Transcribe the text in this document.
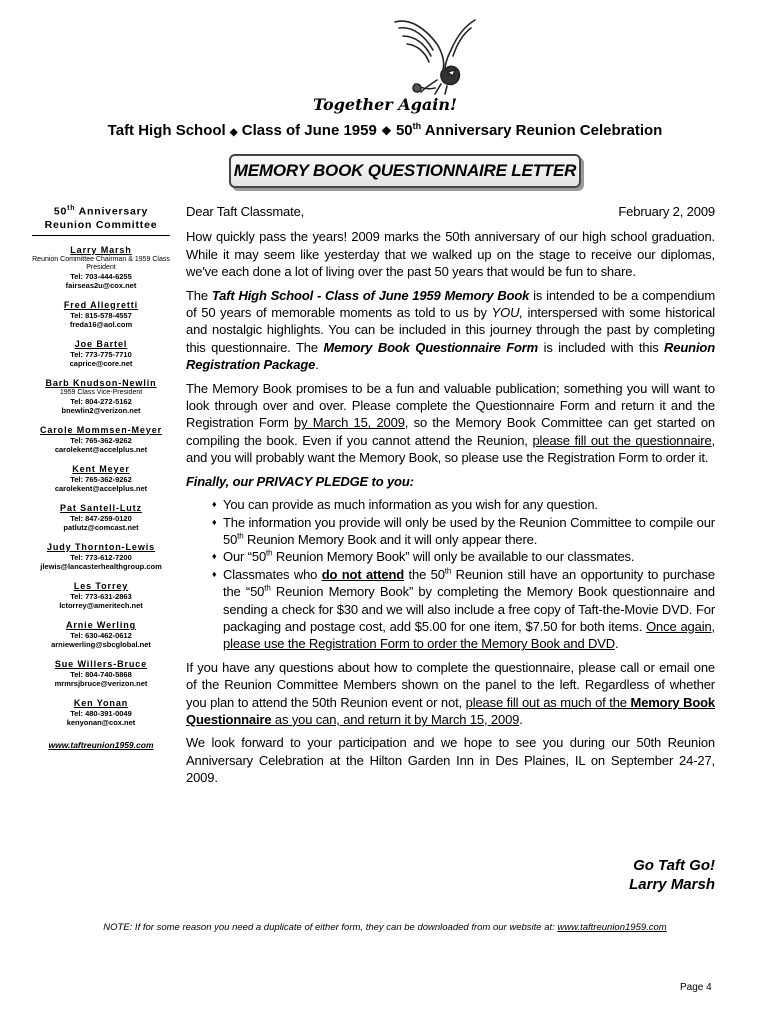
Together Again!
Taft High School ◆ Class of June 1959 ❖ 50th Anniversary Reunion Celebration
MEMORY BOOK QUESTIONNAIRE LETTER
50th Anniversary
Reunion Committee
Larry Marsh
Reunion Committee Chairman & 1959 Class President
Tel: 703-444-6255
fairseas2u@cox.net
Fred Allegretti
Tel: 815-578-4557
freda16@aol.com
Joe Bartel
Tel: 773-775-7710
caprice@core.net
Barb Knudson-Newlin
1959 Class Vice-President
Tel: 804-272-5162
bnewlin2@verizon.net
Carole Mommsen-Meyer
Tel: 765-362-9262
carolekent@accelplus.net
Kent Meyer
Tel: 765-362-9262
carolekent@accelplus.net
Pat Santell-Lutz
Tel: 847-259-0120
patlutz@comcast.net
Judy Thornton-Lewis
Tel: 773-612-7200
jlewis@lancasterhealthgroup.com
Les Torrey
Tel: 773-631-2863
lctorrey@ameritech.net
Arnie Werling
Tel: 630-462-0612
arniewerling@sbcglobal.net
Sue Willers-Bruce
Tel: 804-740-5868
mrmrsjbruce@verizon.net
Ken Yonan
Tel: 480-391-0049
kenyonan@cox.net
www.taftreunion1959.com
Dear Taft Classmate,	February 2, 2009

How quickly pass the years! 2009 marks the 50th anniversary of our high school graduation. While it may seem like yesterday that we walked up on the stage to receive our diplomas, we've each done a lot of living over the past 50 years that would be fun to share.

The Taft High School - Class of June 1959 Memory Book is intended to be a compendium of 50 years of memorable moments as told to us by YOU, interspersed with some historical and nostalgic highlights. You can be included in this journey through the past by completing this questionnaire. The Memory Book Questionnaire Form is included with this Reunion Registration Package.

The Memory Book promises to be a fun and valuable publication; something you will want to look through over and over. Please complete the Questionnaire Form and return it and the Registration Form by March 15, 2009, so the Memory Book Committee can get started on compiling the book. Even if you cannot attend the Reunion, please fill out the questionnaire, and you will probably want the Memory Book, so please use the Registration Form to order it.

Finally, our PRIVACY PLEDGE to you:

♦ You can provide as much information as you wish for any question.
♦ The information you provide will only be used by the Reunion Committee to compile our 50th Reunion Memory Book and it will only appear there.
♦ Our “50th Reunion Memory Book” will only be available to our classmates.
♦ Classmates who do not attend the 50th Reunion still have an opportunity to purchase the “50th Reunion Memory Book” by completing the Memory Book questionnaire and sending a check for $30 and we will also include a free copy of Taft-the-Movie DVD. For packaging and postage cost, add $5.00 for one item, $7.50 for both items. Once again, please use the Registration Form to order the Memory Book and DVD.

If you have any questions about how to complete the questionnaire, please call or email one of the Reunion Committee Members shown on the panel to the left. Regardless of whether you plan to attend the 50th Reunion event or not, please fill out as much of the Memory Book Questionnaire as you can, and return it by March 15, 2009.

We look forward to your participation and we hope to see you during our 50th Reunion Anniversary Celebration at the Hilton Garden Inn in Des Plaines, IL on September 24-27, 2009.

Go Taft Go!
Larry Marsh
NOTE: If for some reason you need a duplicate of either form, they can be downloaded from our website at: www.taftreunion1959.com
Page 4
